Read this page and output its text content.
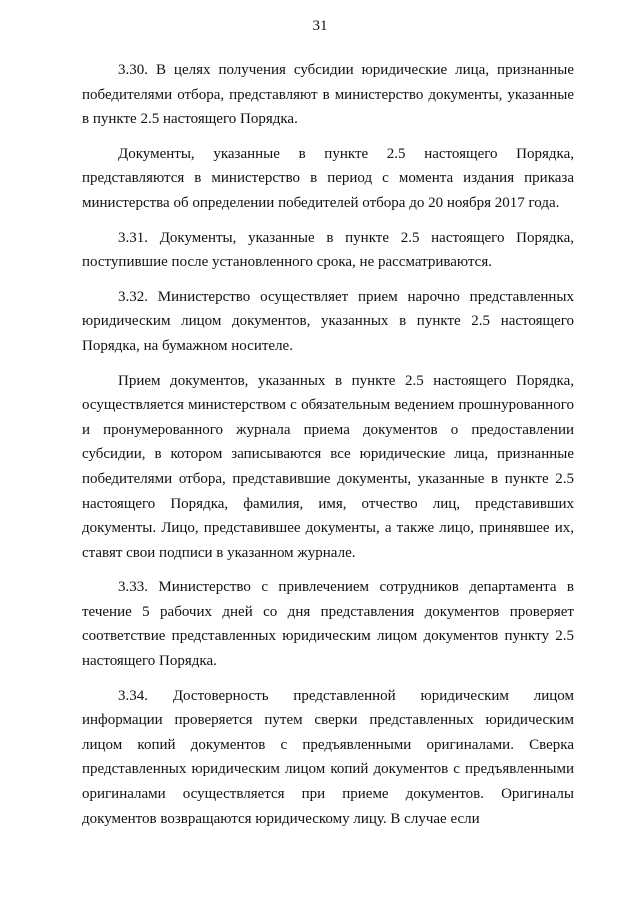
31

3.30. В целях получения субсидии юридические лица, признанные победителями отбора, представляют в министерство документы, указанные в пункте 2.5 настоящего Порядка.

Документы, указанные в пункте 2.5 настоящего Порядка, представляются в министерство в период с момента издания приказа министерства об определении победителей отбора до 20 ноября 2017 года.

3.31. Документы, указанные в пункте 2.5 настоящего Порядка, поступившие после установленного срока, не рассматриваются.

3.32. Министерство осуществляет прием нарочно представленных юридическим лицом документов, указанных в пункте 2.5 настоящего Порядка, на бумажном носителе.

Прием документов, указанных в пункте 2.5 настоящего Порядка, осуществляется министерством с обязательным ведением прошнурованного и пронумерованного журнала приема документов о предоставлении субсидии, в котором записываются все юридические лица, признанные победителями отбора, представившие документы, указанные в пункте 2.5 настоящего Порядка, фамилия, имя, отчество лиц, представивших документы. Лицо, представившее документы, а также лицо, принявшее их, ставят свои подписи в указанном журнале.

3.33. Министерство с привлечением сотрудников департамента в течение 5 рабочих дней со дня представления документов проверяет соответствие представленных юридическим лицом документов пункту 2.5 настоящего Порядка.

3.34. Достоверность представленной юридическим лицом информации проверяется путем сверки представленных юридическим лицом копий документов с предъявленными оригиналами. Сверка представленных юридическим лицом копий документов с предъявленными оригиналами осуществляется при приеме документов. Оригиналы документов возвращаются юридическому лицу. В случае если
